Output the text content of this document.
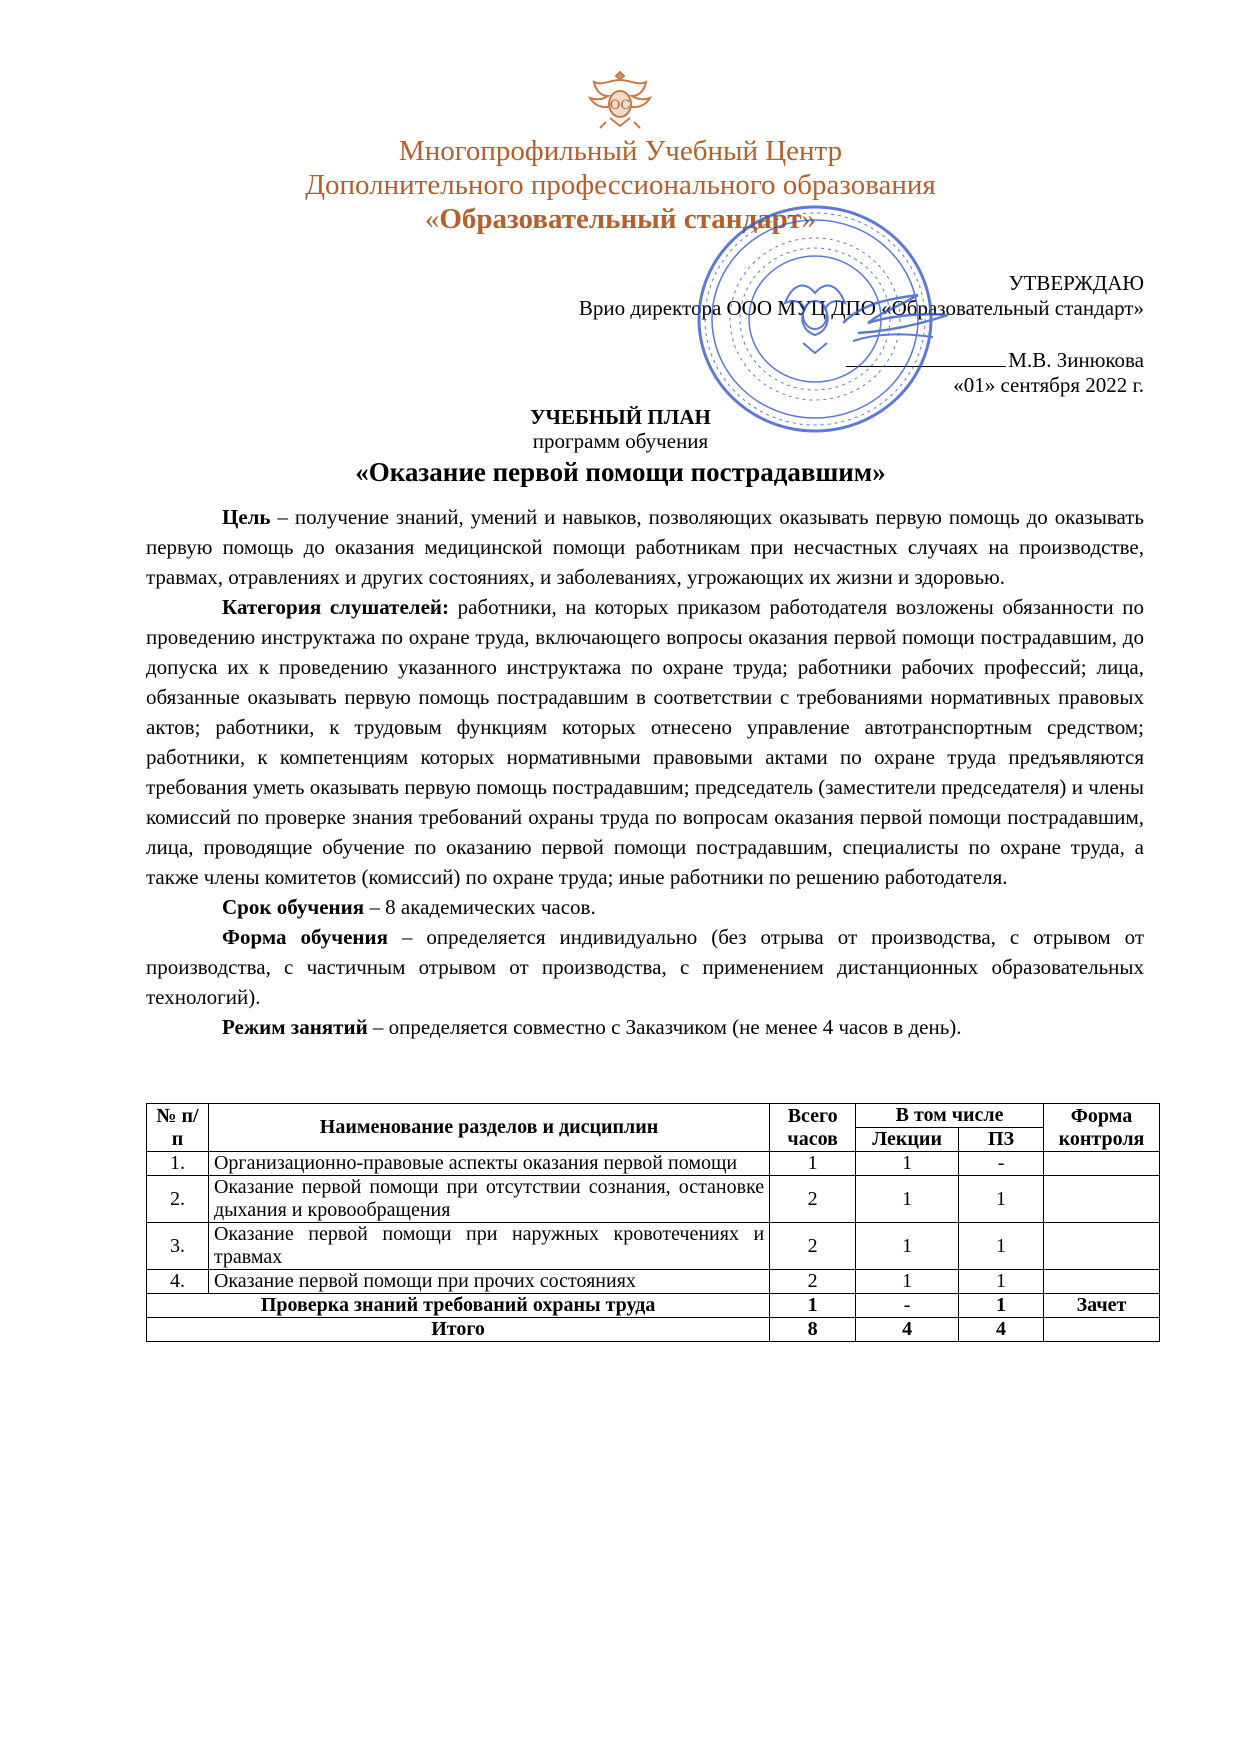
ОС
Многопрофильный Учебный Центр
Дополнительного профессионального образования
«Образовательный стандарт»
УТВЕРЖДАЮ
Врио директора ООО МУЦ ДПО «Образовательный стандарт»
М.В. Зинюкова
«01» сентября 2022 г.
УЧЕБНЫЙ ПЛАН
программ обучения
«Оказание первой помощи пострадавшим»

Цель – получение знаний, умений и навыков, позволяющих оказывать первую помощь до оказывать первую помощь до оказания медицинской помощи работникам при несчастных случаях на производстве, травмах, отравлениях и других состояниях, и заболеваниях, угрожающих их жизни и здоровью.

Категория слушателей: работники, на которых приказом работодателя возложены обязанности по проведению инструктажа по охране труда, включающего вопросы оказания первой помощи пострадавшим, до допуска их к проведению указанного инструктажа по охране труда; работники рабочих профессий; лица, обязанные оказывать первую помощь пострадавшим в соответствии с требованиями нормативных правовых актов; работники, к трудовым функциям которых отнесено управление автотранспортным средством; работники, к компетенциям которых нормативными правовыми актами по охране труда предъявляются требования уметь оказывать первую помощь пострадавшим; председатель (заместители председателя) и члены комиссий по проверке знания требований охраны труда по вопросам оказания первой помощи пострадавшим, лица, проводящие обучение по оказанию первой помощи пострадавшим, специалисты по охране труда, а также члены комитетов (комиссий) по охране труда; иные работники по решению работодателя.

Срок обучения – 8 академических часов.

Форма обучения – определяется индивидуально (без отрыва от производства, с отрывом от производства, с частичным отрывом от производства, с применением дистанционных образовательных технологий).

Режим занятий – определяется совместно с Заказчиком (не менее 4 часов в день).

№ п/п	Наименование разделов и дисциплин	Всего часов	В том числе		Форма контроля
			Лекции	ПЗ	
1.	Организационно-правовые аспекты оказания первой помощи	1	1	-	
2.	Оказание первой помощи при отсутствии сознания, остановке дыхания и кровообращения	2	1	1	
3.	Оказание первой помощи при наружных кровотечениях и травмах	2	1	1	
4.	Оказание первой помощи при прочих состояниях	2	1	1	
Проверка знаний требований охраны труда		1	-	1	Зачет
Итого		8	4	4	
